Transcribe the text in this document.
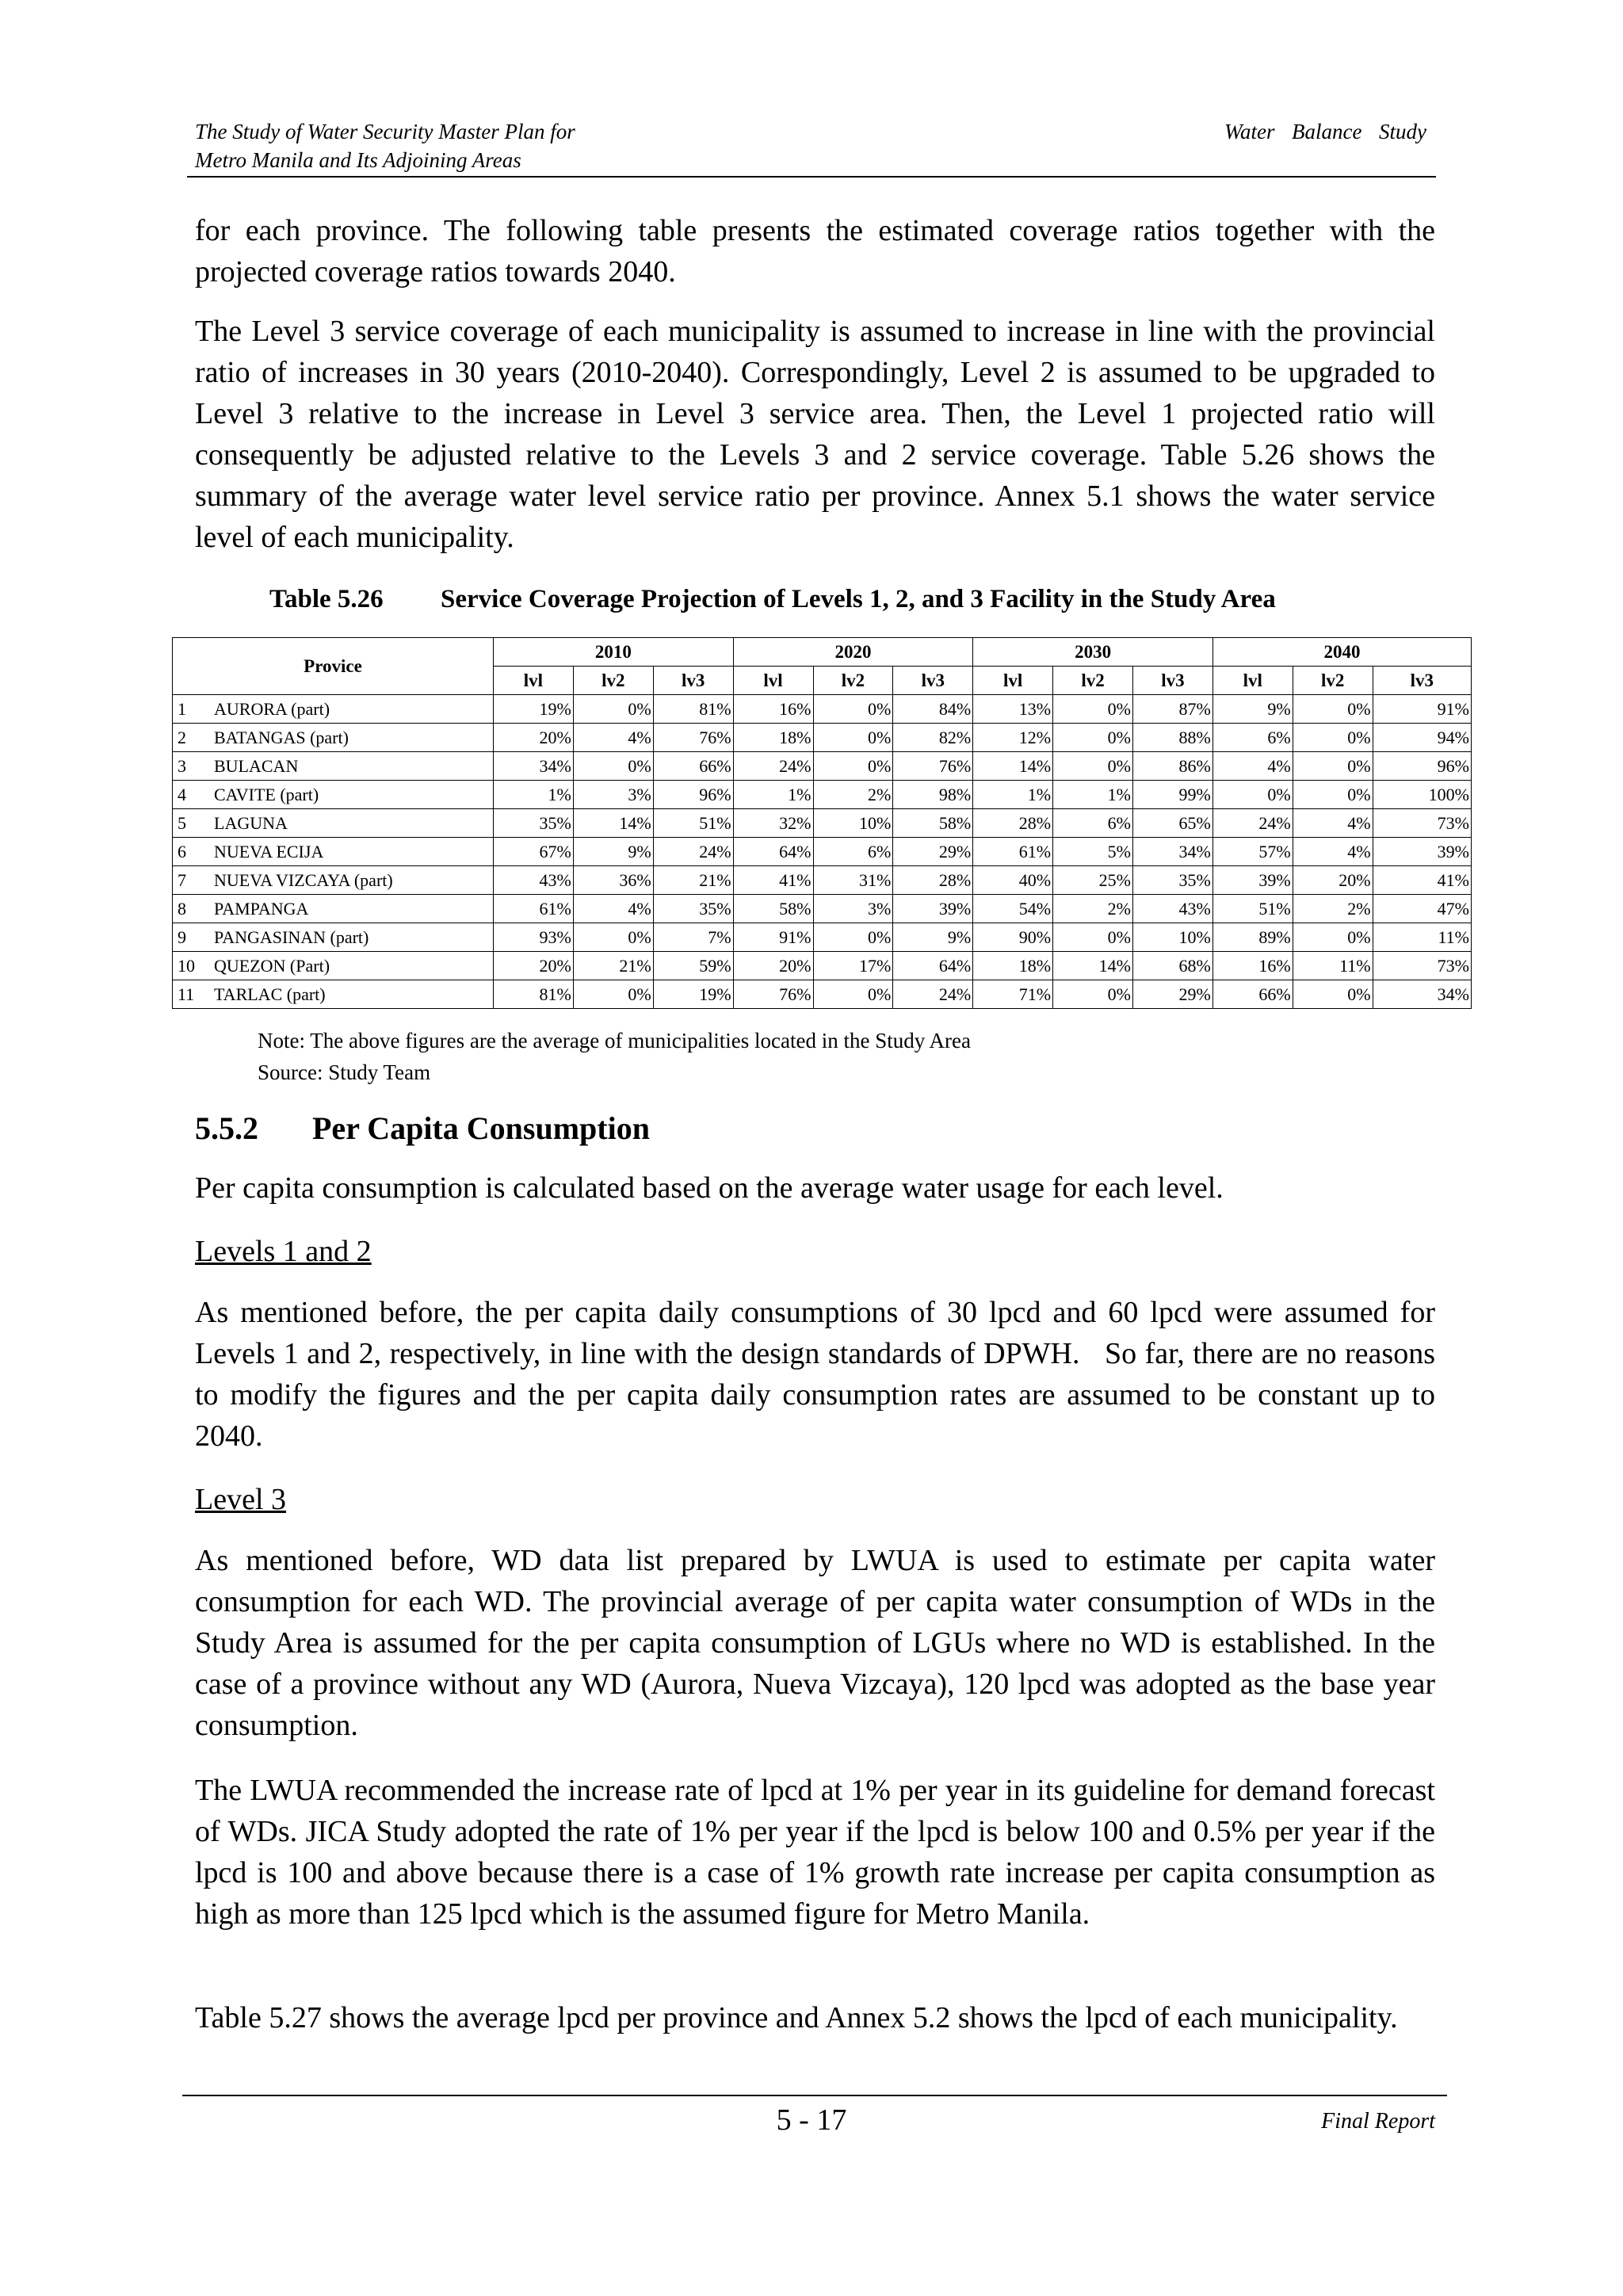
The Study of Water Security Master Plan for
Metro Manila and Its Adjoining Areas
Water  Balance  Study

for each province. The following table presents the estimated coverage ratios together with the projected coverage ratios towards 2040.

The Level 3 service coverage of each municipality is assumed to increase in line with the provincial ratio of increases in 30 years (2010-2040). Correspondingly, Level 2 is assumed to be upgraded to Level 3 relative to the increase in Level 3 service area. Then, the Level 1 projected ratio will consequently be adjusted relative to the Levels 3 and 2 service coverage. Table 5.26 shows the summary of the average water level service ratio per province. Annex 5.1 shows the water service level of each municipality.

Table 5.26 Service Coverage Projection of Levels 1, 2, and 3 Facility in the Study Area
Provice		2010			2020			2030			2040		
		lvl	lv2	lv3	lvl	lv2	lv3	lvl	lv2	lv3	lvl	lv2	lv3
1	AURORA (part)	19%	0%	81%	16%	0%	84%	13%	0%	87%	9%	0%	91%
2	BATANGAS (part)	20%	4%	76%	18%	0%	82%	12%	0%	88%	6%	0%	94%
3	BULACAN	34%	0%	66%	24%	0%	76%	14%	0%	86%	4%	0%	96%
4	CAVITE (part)	1%	3%	96%	1%	2%	98%	1%	1%	99%	0%	0%	100%
5	LAGUNA	35%	14%	51%	32%	10%	58%	28%	6%	65%	24%	4%	73%
6	NUEVA ECIJA	67%	9%	24%	64%	6%	29%	61%	5%	34%	57%	4%	39%
7	NUEVA VIZCAYA (part)	43%	36%	21%	41%	31%	28%	40%	25%	35%	39%	20%	41%
8	PAMPANGA	61%	4%	35%	58%	3%	39%	54%	2%	43%	51%	2%	47%
9	PANGASINAN (part)	93%	0%	7%	91%	0%	9%	90%	0%	10%	89%	0%	11%
10	QUEZON (Part)	20%	21%	59%	20%	17%	64%	18%	14%	68%	16%	11%	73%
11	TARLAC (part)	81%	0%	19%	76%	0%	24%	71%	0%	29%	66%	0%	34%
Note: The above figures are the average of municipalities located in the Study Area
Source: Study Team
5.5.2 Per Capita Consumption

Per capita consumption is calculated based on the average water usage for each level.

Levels 1 and 2

As mentioned before, the per capita daily consumptions of 30 lpcd and 60 lpcd were assumed for Levels 1 and 2, respectively, in line with the design standards of DPWH.   So far, there are no reasons to modify the figures and the per capita daily consumption rates are assumed to be constant up to 2040.

Level 3

As mentioned before, WD data list prepared by LWUA is used to estimate per capita water consumption for each WD. The provincial average of per capita water consumption of WDs in the Study Area is assumed for the per capita consumption of LGUs where no WD is established. In the case of a province without any WD (Aurora, Nueva Vizcaya), 120 lpcd was adopted as the base year consumption.

The LWUA recommended the increase rate of lpcd at 1% per year in its guideline for demand forecast of WDs. JICA Study adopted the rate of 1% per year if the lpcd is below 100 and 0.5% per year if the lpcd is 100 and above because there is a case of 1% growth rate increase per capita consumption as high as more than 125 lpcd which is the assumed figure for Metro Manila.

Table 5.27 shows the average lpcd per province and Annex 5.2 shows the lpcd of each municipality.

5 - 17	Final Report
